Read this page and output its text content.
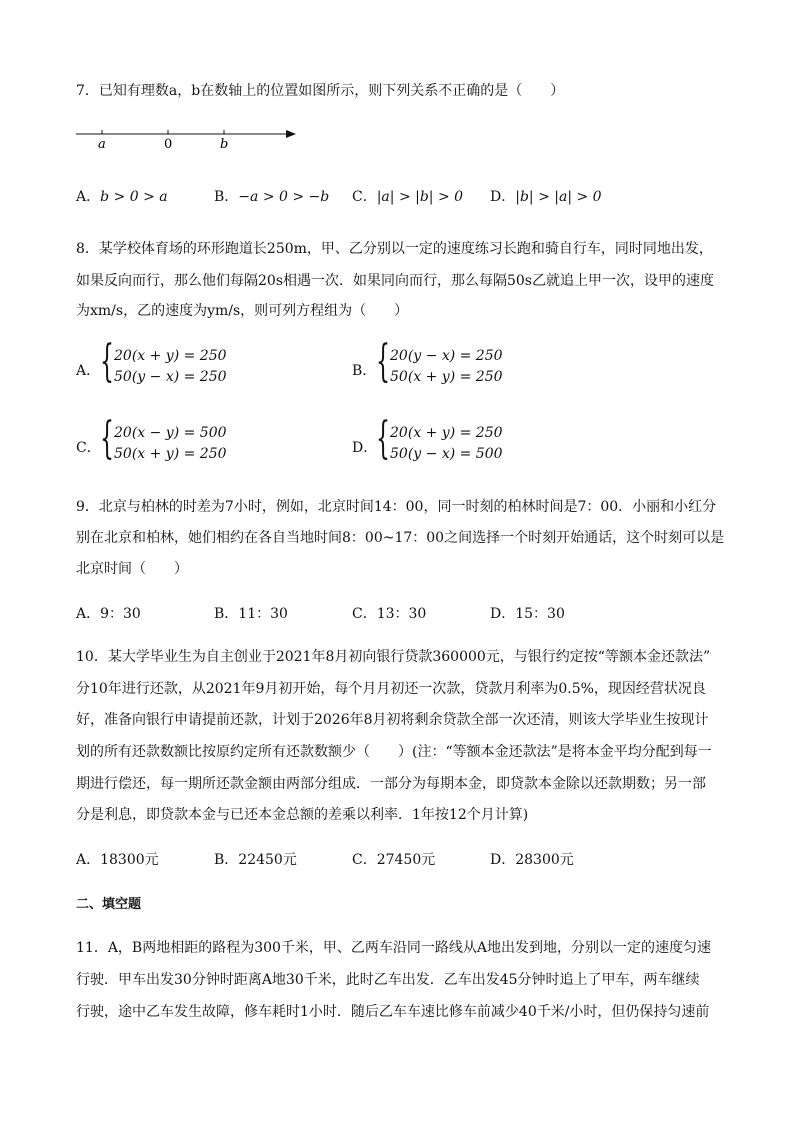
7．已知有理数a，b在数轴上的位置如图所示，则下列关系不正确的是（　　）
a	0	b
A．b > 0 > a	B．−a > 0 > −b C．|a| > |b| > 0 D．|b| > |a| > 0
8．某学校体育场的环形跑道长250m，甲、乙分别以一定的速度练习长跑和骑自行车，同时同地出发，
如果反向而行，那么他们每隔20s相遇一次．如果同向而行，那么每隔50s乙就追上甲一次，设甲的速度
为xm/s，乙的速度为ym/s，则可列方程组为（　　）
A． { 20(x + y) = 250
50(y − x) = 250	B． { 20(y − x) = 250
50(x + y) = 250
C． { 20(x − y) = 500
50(x + y) = 250	D．
{ 20(x + y) = 250
50(y − x) = 500
9．北京与柏林的时差为7小时，例如，北京时间14：00，同一时刻的柏林时间是7：00．小丽和小红分
别在北京和柏林，她们相约在各自当地时间8：00~17：00之间选择一个时刻开始通话，这个时刻可以是
北京时间（　　）
A．9：30	B．11：30	C．13：30	D．15：30
10．某大学毕业生为自主创业于2021年8月初向银行贷款360000元，与银行约定按“等额本金还款法”
分10年进行还款，从2021年9月初开始，每个月月初还一次款，贷款月利率为0.5%，现因经营状况良
好，准备向银行申请提前还款，计划于2026年8月初将剩余贷款全部一次还清，则该大学毕业生按现计
划的所有还款数额比按原约定所有还款数额少（　　）(注：“等额本金还款法”是将本金平均分配到每一
期进行偿还，每一期所还款金额由两部分组成．一部分为每期本金，即贷款本金除以还款期数；另一部
分是利息，即贷款本金与已还本金总额的差乘以利率．1年按12个月计算)
A．18300元	B．22450元	C．27450元	D．28300元
二、填空题
11．A，B两地相距的路程为300千米，甲、乙两车沿同一路线从A地出发到地，分别以一定的速度匀速
行驶．甲车出发30分钟时距离A地30千米，此时乙车出发．乙车出发45分钟时追上了甲车，两车继续
行驶，途中乙车发生故障，修车耗时1小时．随后乙车车速比修车前减少40千米/小时，但仍保持匀速前
